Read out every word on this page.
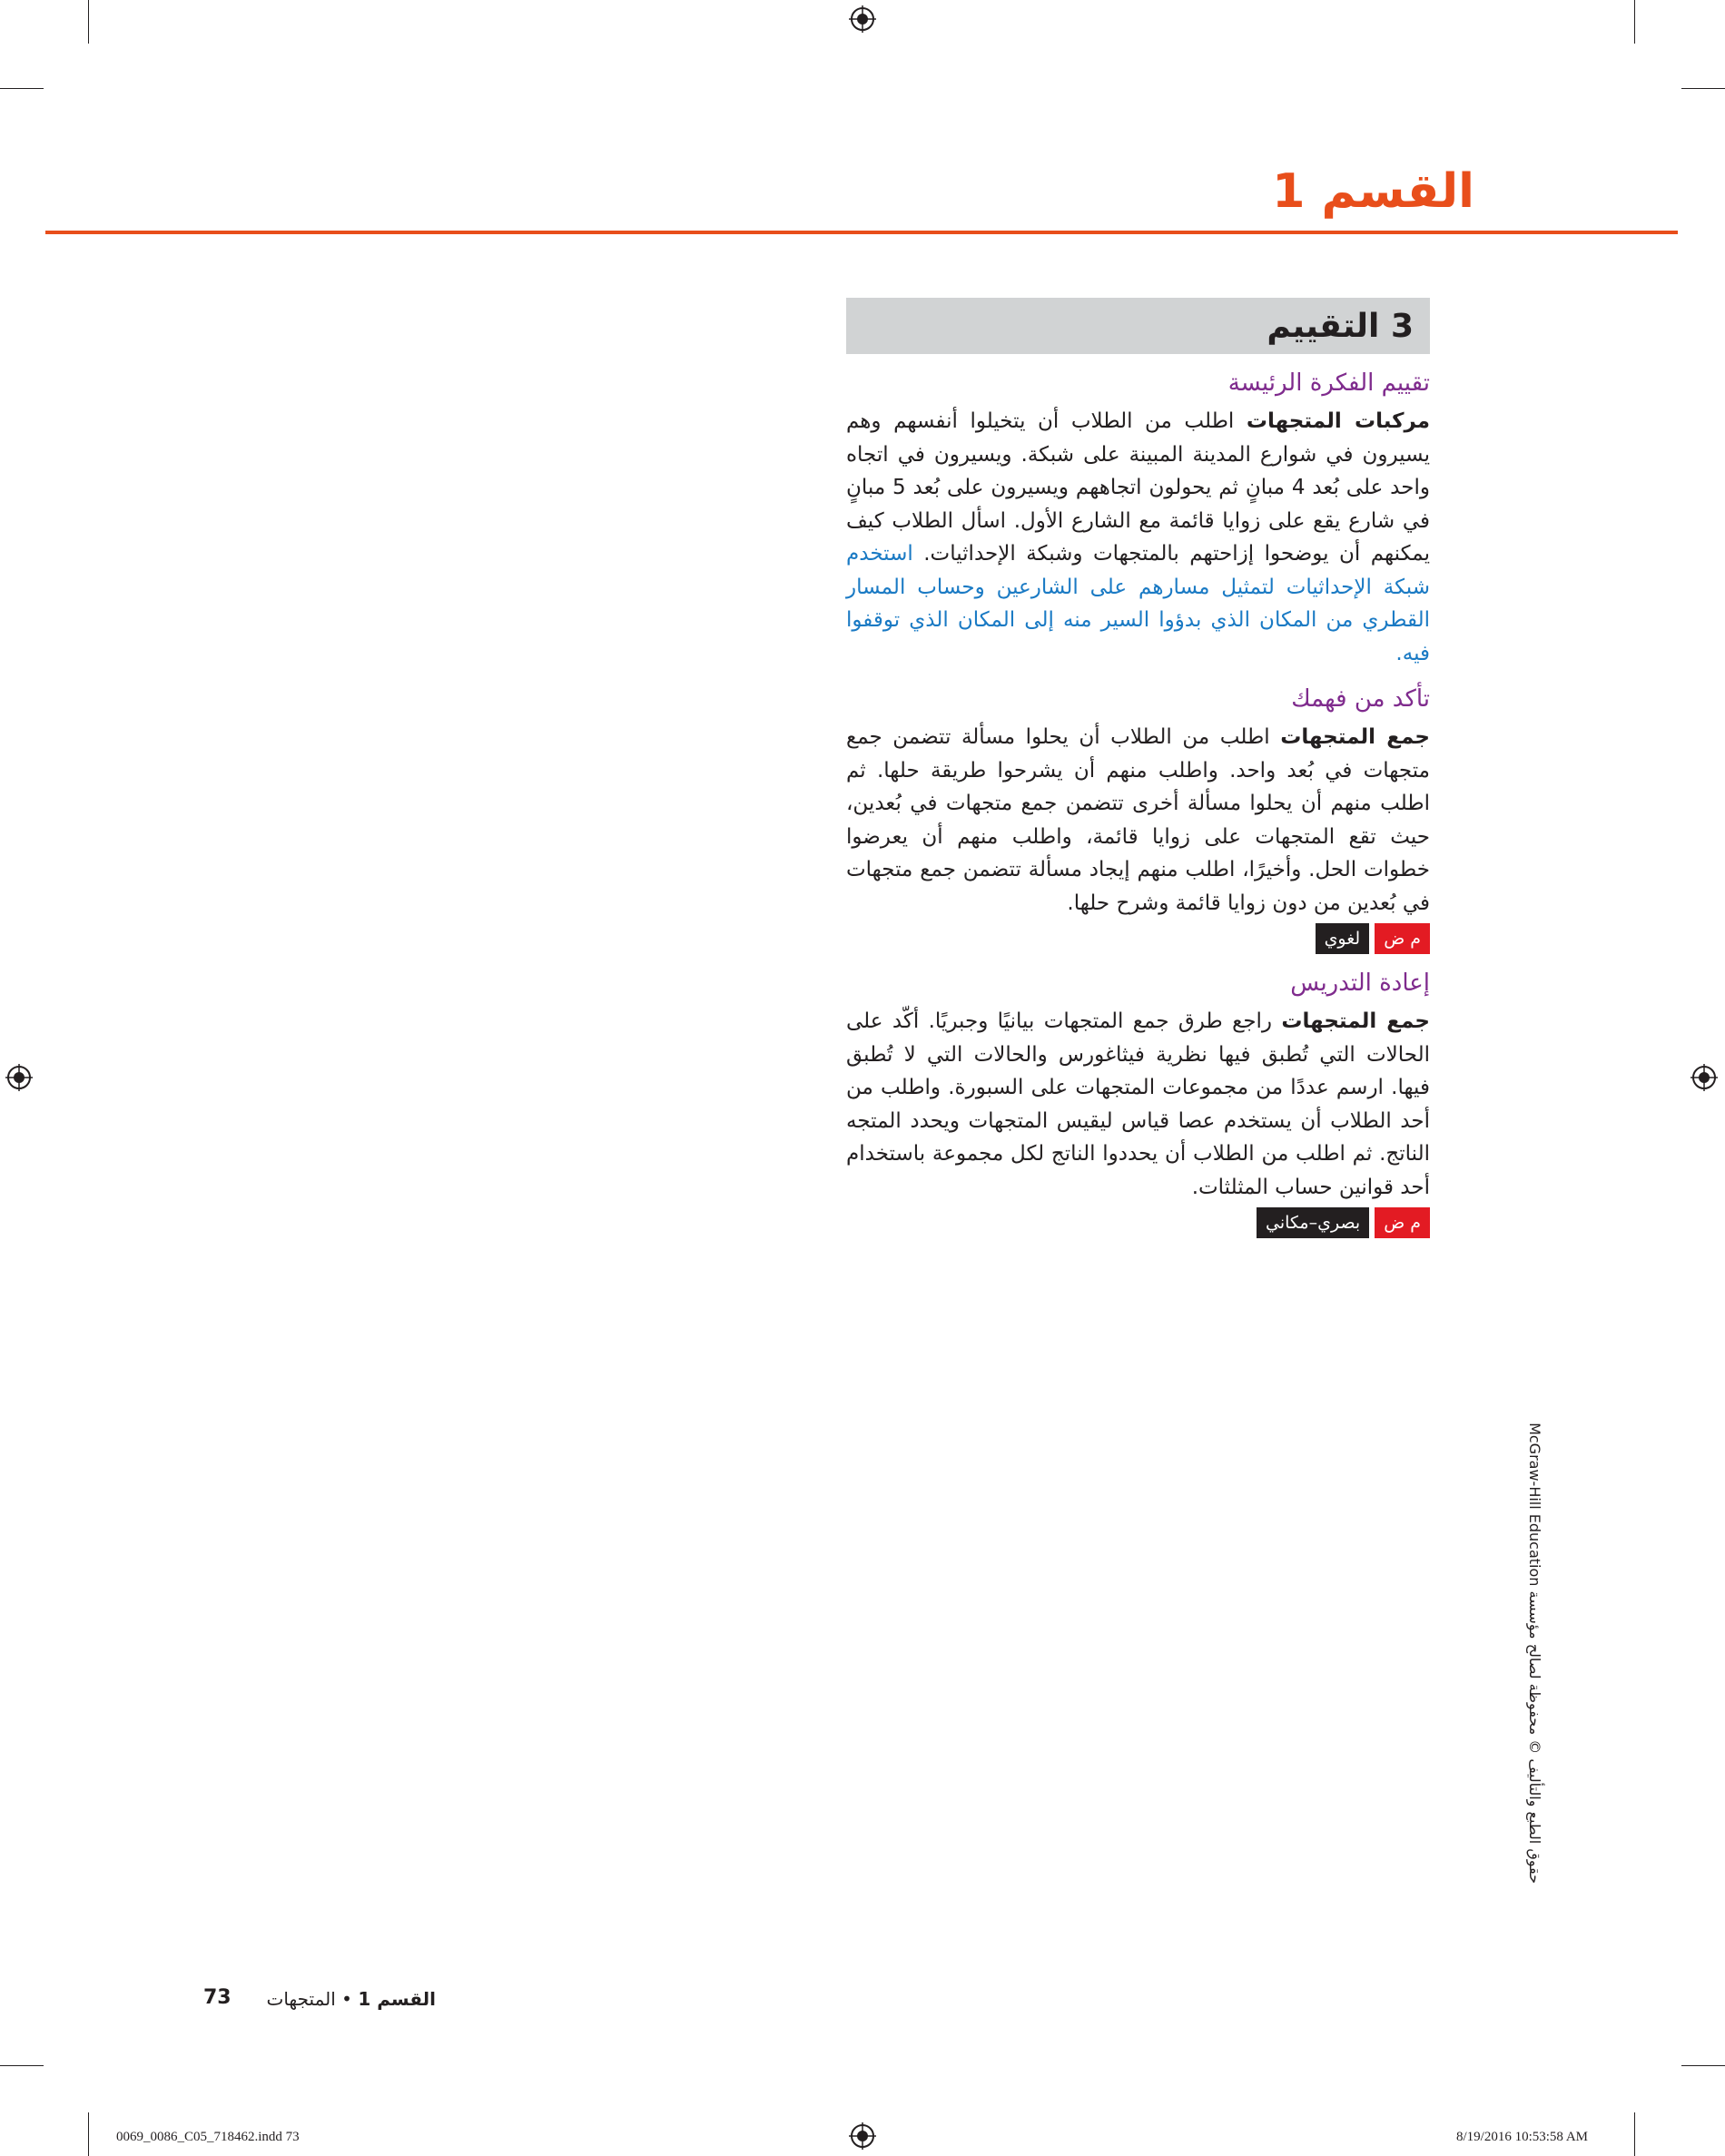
القسم 1
3 التقييم
تقييم الفكرة الرئيسة
مركبات المتجهات اطلب من الطلاب أن يتخيلوا أنفسهم وهم يسيرون في شوارع المدينة المبينة على شبكة. ويسيرون في اتجاه واحد على بُعد 4 مبانٍ ثم يحولون اتجاههم ويسيرون على بُعد 5 مبانٍ في شارع يقع على زوايا قائمة مع الشارع الأول. اسأل الطلاب كيف يمكنهم أن يوضحوا إزاحتهم بالمتجهات وشبكة الإحداثيات. استخدم شبكة الإحداثيات لتمثيل مسارهم على الشارعين وحساب المسار القطري من المكان الذي بدؤوا السير منه إلى المكان الذي توقفوا فيه.
تأكد من فهمك
جمع المتجهات اطلب من الطلاب أن يحلوا مسألة تتضمن جمع متجهات في بُعد واحد. واطلب منهم أن يشرحوا طريقة حلها. ثم اطلب منهم أن يحلوا مسألة أخرى تتضمن جمع متجهات في بُعدين، حيث تقع المتجهات على زوايا قائمة، واطلب منهم أن يعرضوا خطوات الحل. وأخيرًا، اطلب منهم إيجاد مسألة تتضمن جمع متجهات في بُعدين من دون زوايا قائمة وشرح حلها.
م ض
لغوي
إعادة التدريس
جمع المتجهات راجع طرق جمع المتجهات بيانيًا وجبريًا. أكّد على الحالات التي تُطبق فيها نظرية فيثاغورس والحالات التي لا تُطبق فيها. ارسم عددًا من مجموعات المتجهات على السبورة. واطلب من أحد الطلاب أن يستخدم عصا قياس ليقيس المتجهات ويحدد المتجه الناتج. ثم اطلب من الطلاب أن يحددوا الناتج لكل مجموعة باستخدام أحد قوانين حساب المثلثات.
م ض
بصري–مكاني
حقوق الطبع والتأليف © محفوظة لصالح مؤسسة McGraw-Hill Education
73	القسم 1 • المتجهات
0069_0086_C05_718462.indd 73	8/19/2016 10:53:58 AM
